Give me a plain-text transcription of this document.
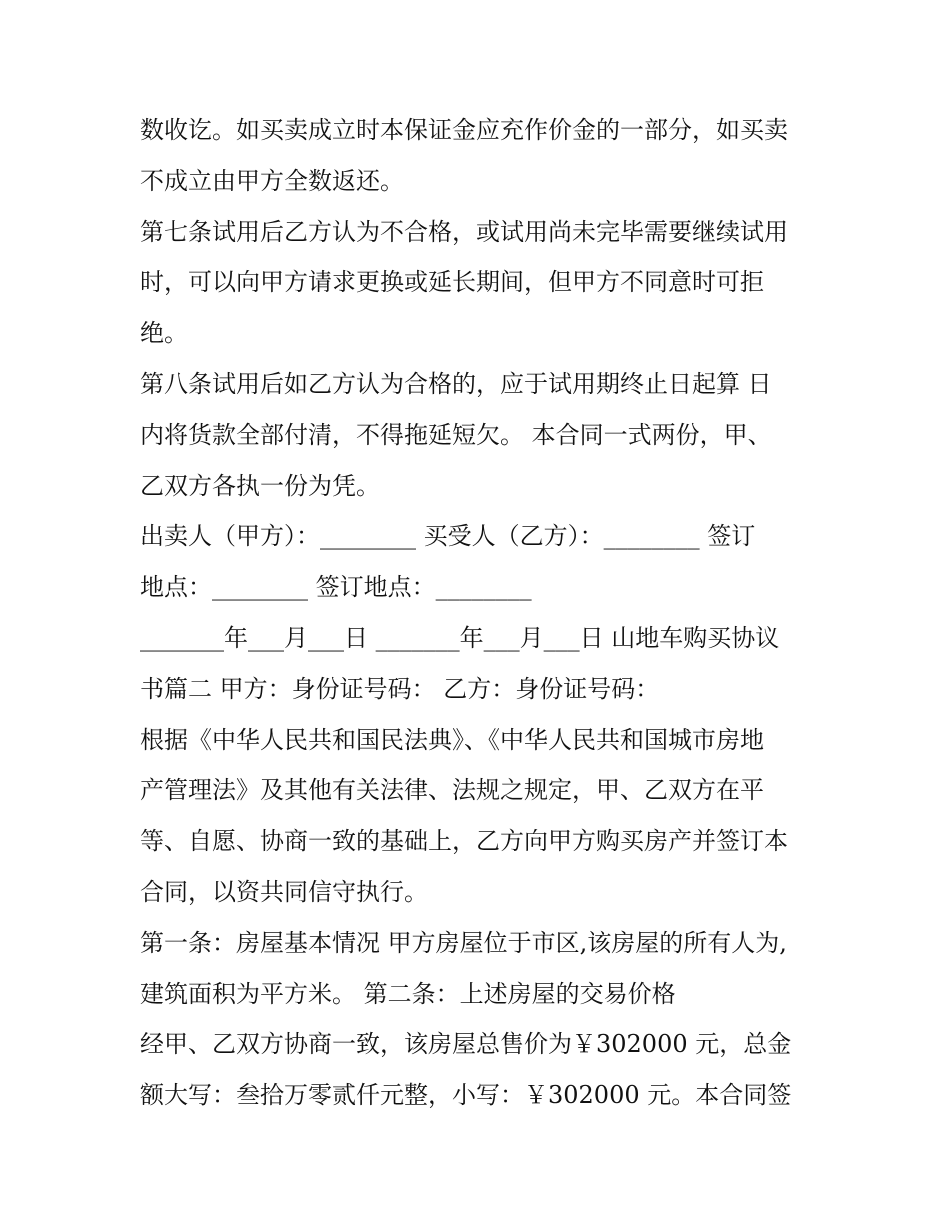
数收讫。如买卖成立时本保证金应充作价金的一部分，如买卖
不成立由甲方全数返还。
第七条试用后乙方认为不合格，或试用尚未完毕需要继续试用
时，可以向甲方请求更换或延长期间，但甲方不同意时可拒
绝。
第八条试用后如乙方认为合格的，应于试用期终止日起算 日
内将货款全部付清，不得拖延短欠。 本合同一式两份，甲、
乙双方各执一份为凭。
出卖人（甲方）：________ 买受人（乙方）：________ 签订
地点：________ 签订地点：________
_______年___月___日 _______年___月___日 山地车购买协议
书篇二 甲方：身份证号码： 乙方：身份证号码：
根据《中华人民共和国民法典》、《中华人民共和国城市房地
产管理法》及其他有关法律、法规之规定，甲、乙双方在平
等、自愿、协商一致的基础上，乙方向甲方购买房产并签订本
合同，以资共同信守执行。
第一条：房屋基本情况 甲方房屋位于市区,该房屋的所有人为,
建筑面积为平方米。 第二条：上述房屋的交易价格
经甲、乙双方协商一致，该房屋总售价为￥302000 元，总金
额大写：叁拾万零贰仟元整，小写：￥302000 元。本合同签
